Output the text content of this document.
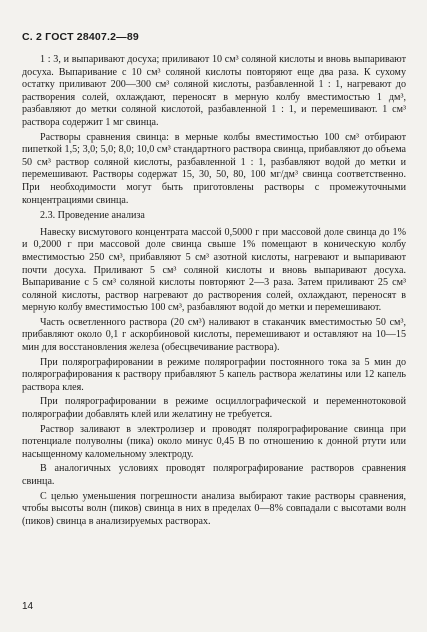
С. 2 ГОСТ 28407.2—89

1 : 3, и выпаривают досуха; приливают 10 см³ соляной кислоты и вновь выпаривают досуха. Выпаривание с 10 см³ соляной кислоты повторяют еще два раза. К сухому остатку приливают 200—300 см³ соляной кислоты, разбавленной 1 : 1, нагревают до растворения солей, охлаждают, переносят в мерную колбу вместимостью 1 дм³, разбавляют до метки соляной кислотой, разбавленной 1 : 1, и перемешивают. 1 см³ раствора содержит 1 мг свинца.

Растворы сравнения свинца: в мерные колбы вместимостью 100 см³ отбирают пипеткой 1,5; 3,0; 5,0; 8,0; 10,0 см³ стандартного раствора свинца, прибавляют до объема 50 см³ раствор соляной кислоты, разбавленной 1 : 1, разбавляют водой до метки и перемешивают. Растворы содержат 15, 30, 50, 80, 100 мг/дм³ свинца соответственно. При необходимости могут быть приготовлены растворы с промежуточными концентрациями свинца.

2.3. Проведение анализа

Навеску висмутового концентрата массой 0,5000 г при массовой доле свинца до 1% и 0,2000 г при массовой доле свинца свыше 1% помещают в коническую колбу вместимостью 250 см³, прибавляют 5 см³ азотной кислоты, нагревают и выпаривают почти досуха. Приливают 5 см³ соляной кислоты и вновь выпаривают досуха. Выпаривание с 5 см³ соляной кислоты повторяют 2—3 раза. Затем приливают 25 см³ соляной кислоты, раствор нагревают до растворения солей, охлаждают, переносят в мерную колбу вместимостью 100 см³, разбавляют водой до метки и перемешивают.

Часть осветленного раствора (20 см³) наливают в стаканчик вместимостью 50 см³, прибавляют около 0,1 г аскорбиновой кислоты, перемешивают и оставляют на 10—15 мин для восстановления железа (обесцвечивание раствора).

При полярографировании в режиме полярографии постоянного тока за 5 мин до полярографирования к раствору прибавляют 5 капель раствора желатины или 12 капель раствора клея.

При полярографировании в режиме осциллографической и переменнотоковой полярографии добавлять клей или желатину не требуется.

Раствор заливают в электролизер и проводят полярографирование свинца при потенциале полуволны (пика) около минус 0,45 В по отношению к донной ртути или насыщенному каломельному электроду.

В аналогичных условиях проводят полярографирование растворов сравнения свинца.

С целью уменьшения погрешности анализа выбирают такие растворы сравнения, чтобы высоты волн (пиков) свинца в них в пределах 0—8% совпадали с высотами волн (пиков) свинца в анализируемых растворах.

14
